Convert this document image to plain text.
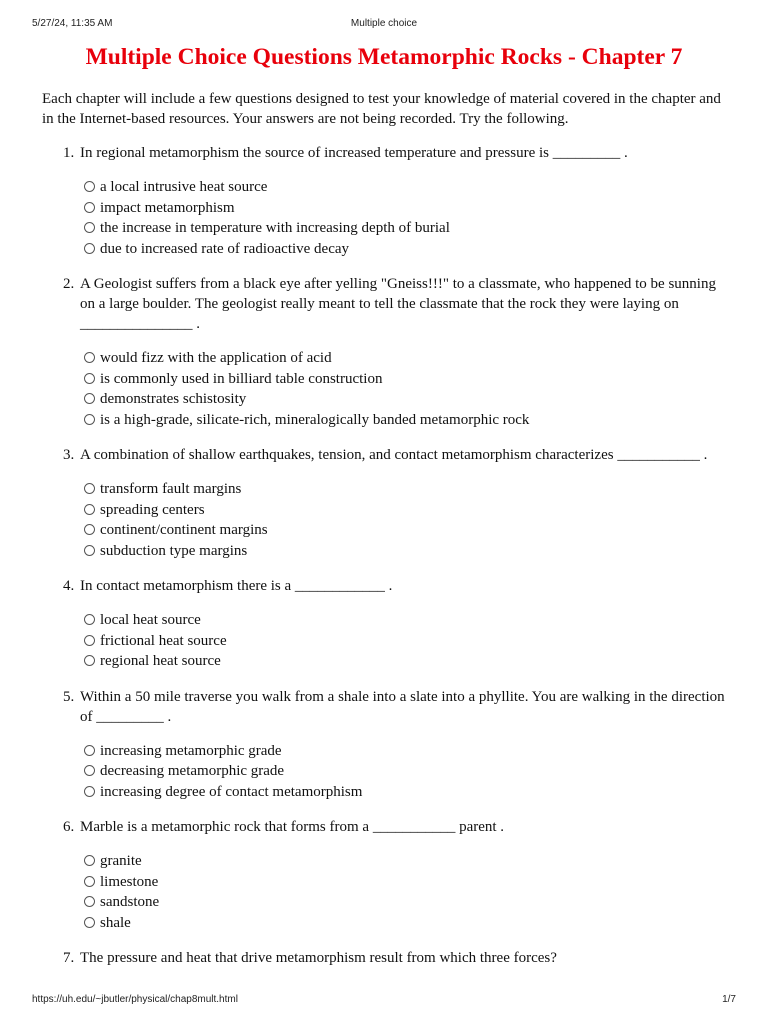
5/27/24, 11:35 AM	Multiple choice
Multiple Choice Questions Metamorphic Rocks - Chapter 7

Each chapter will include a few questions designed to test your knowledge of material covered in the chapter and in the Internet-based resources. Your answers are not being recorded. Try the following.

1. In regional metamorphism the source of increased temperature and pressure is _________ .
a local intrusive heat source
impact metamorphism
the increase in temperature with increasing depth of burial
due to increased rate of radioactive decay
2. A Geologist suffers from a black eye after yelling "Gneiss!!!" to a classmate, who happened to be sunning on a large boulder. The geologist really meant to tell the classmate that the rock they were laying on _______________ .
would fizz with the application of acid
is commonly used in billiard table construction
demonstrates schistosity
is a high-grade, silicate-rich, mineralogically banded metamorphic rock
3. A combination of shallow earthquakes, tension, and contact metamorphism characterizes ___________ .
transform fault margins
spreading centers
continent/continent margins
subduction type margins
4. In contact metamorphism there is a ____________ .
local heat source
frictional heat source
regional heat source
5. Within a 50 mile traverse you walk from a shale into a slate into a phyllite. You are walking in the direction of _________ .
increasing metamorphic grade
decreasing metamorphic grade
increasing degree of contact metamorphism
6. Marble is a metamorphic rock that forms from a ___________ parent .
granite
limestone
sandstone
shale
7. The pressure and heat that drive metamorphism result from which three forces?
https://uh.edu/~jbutler/physical/chap8mult.html	1/7
